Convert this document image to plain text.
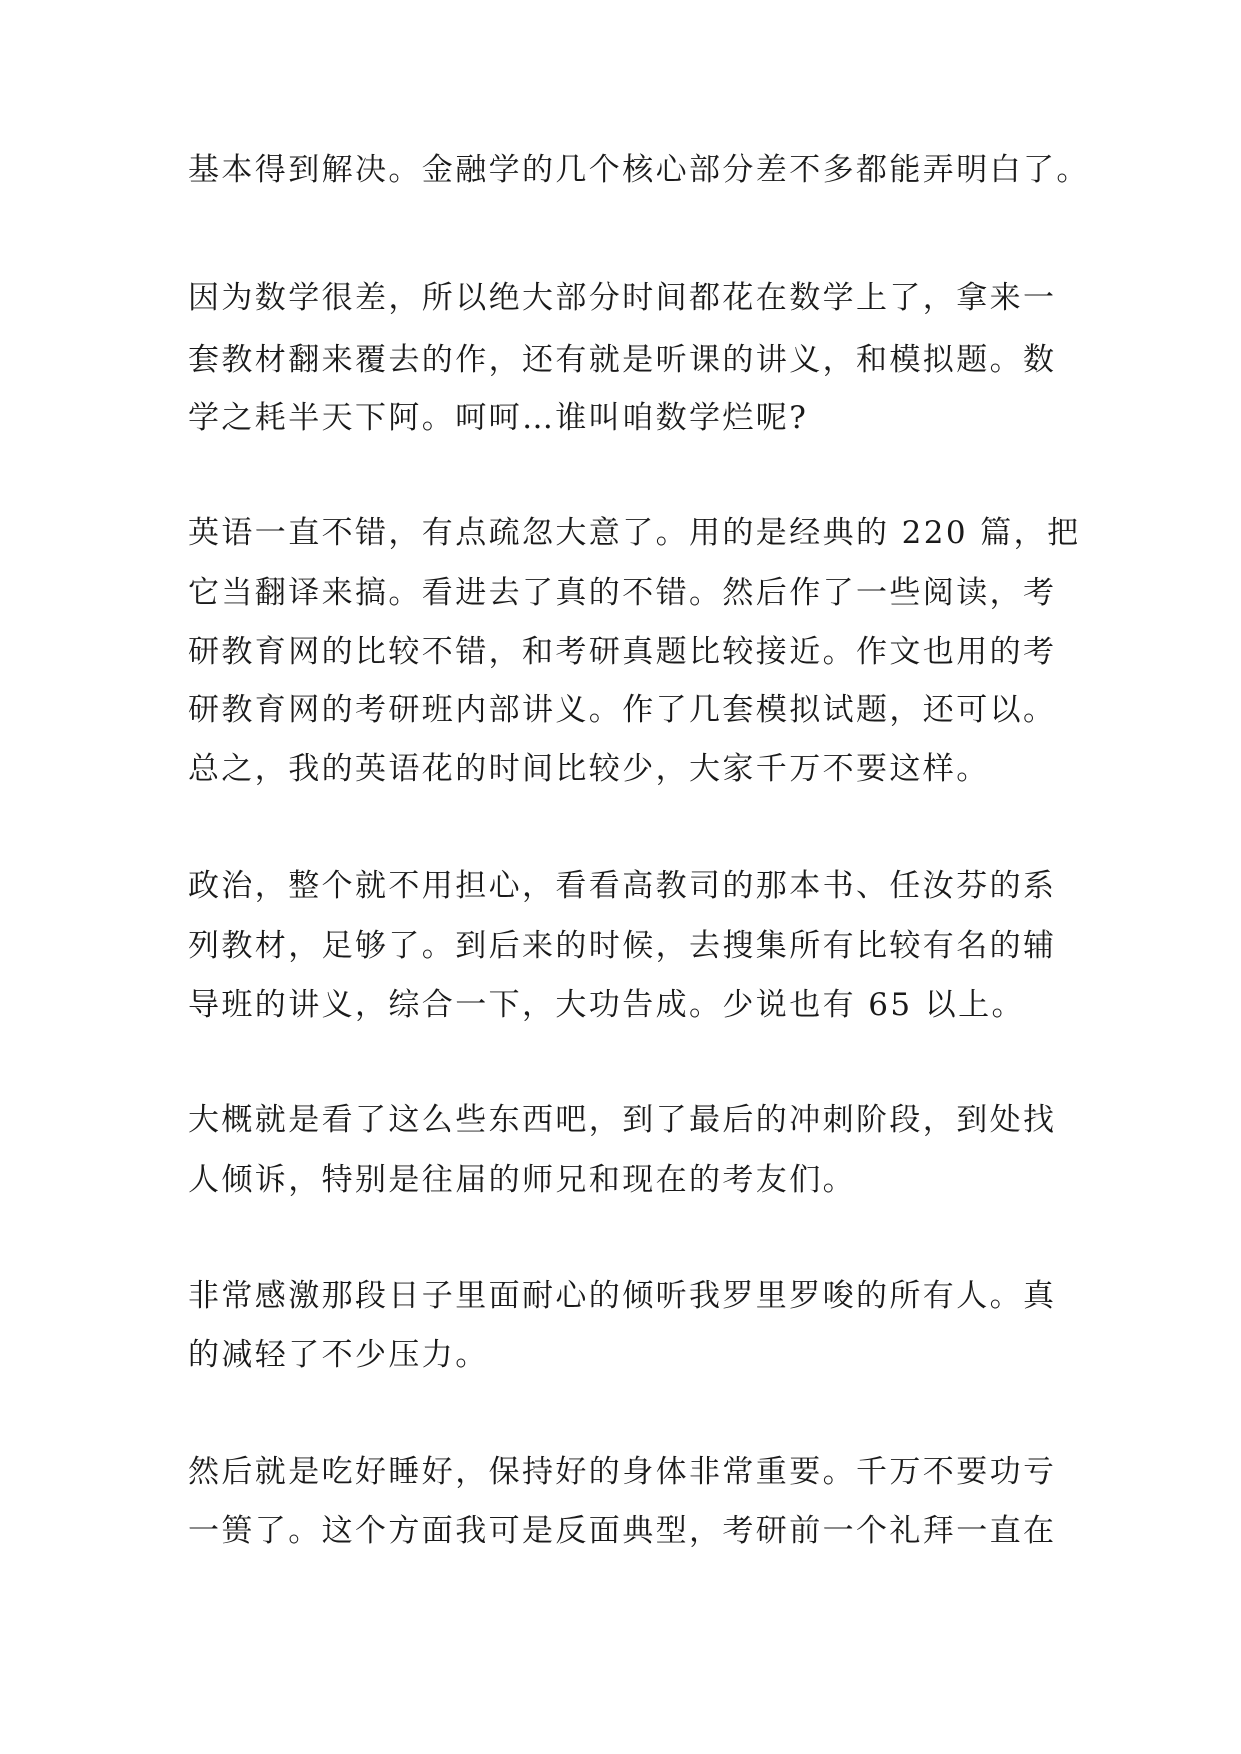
基本得到解决。金融学的几个核心部分差不多都能弄明白了。
因为数学很差，所以绝大部分时间都花在数学上了，拿来一
套教材翻来覆去的作，还有就是听课的讲义，和模拟题。数
学之耗半天下阿。呵呵…谁叫咱数学烂呢?
英语一直不错，有点疏忽大意了。用的是经典的 220 篇，把
它当翻译来搞。看进去了真的不错。然后作了一些阅读，考
研教育网的比较不错，和考研真题比较接近。作文也用的考
研教育网的考研班内部讲义。作了几套模拟试题，还可以。
总之，我的英语花的时间比较少，大家千万不要这样。
政治，整个就不用担心，看看高教司的那本书、任汝芬的系
列教材，足够了。到后来的时候，去搜集所有比较有名的辅
导班的讲义，综合一下，大功告成。少说也有 65 以上。
大概就是看了这么些东西吧，到了最后的冲刺阶段，到处找
人倾诉，特别是往届的师兄和现在的考友们。
非常感激那段日子里面耐心的倾听我罗里罗唆的所有人。真
的减轻了不少压力。
然后就是吃好睡好，保持好的身体非常重要。千万不要功亏
一篑了。这个方面我可是反面典型，考研前一个礼拜一直在
